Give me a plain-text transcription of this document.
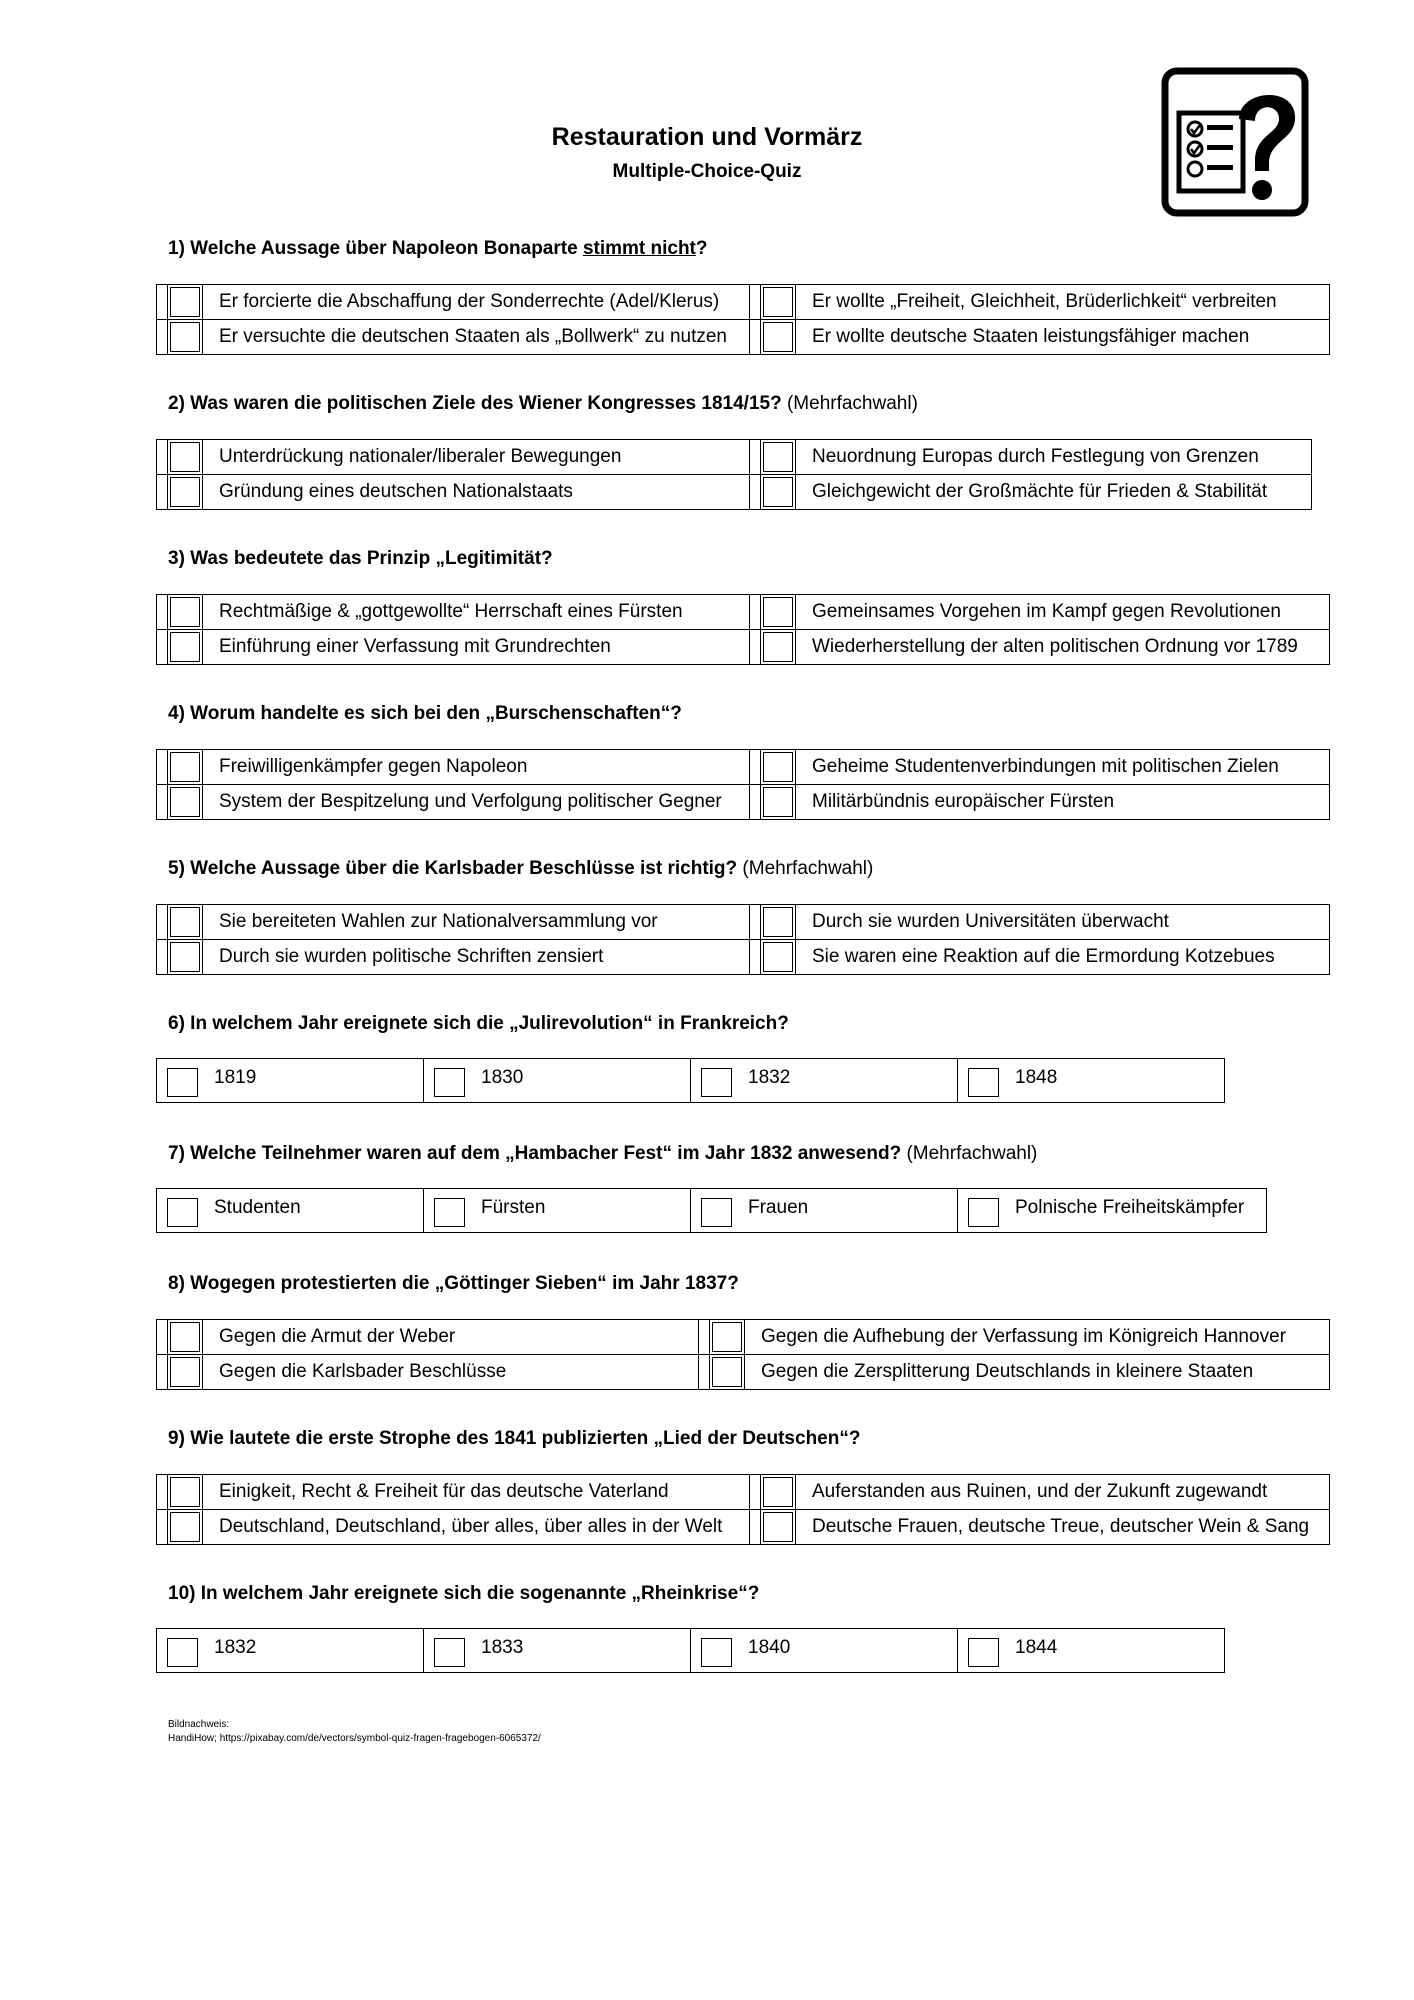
Restauration und Vormärz
Multiple-Choice-Quiz
1) Welche Aussage über Napoleon Bonaparte stimmt nicht?

	Er forcierte die Abschaffung der Sonderrechte (Adel/Klerus)			Er wollte „Freiheit, Gleichheit, Brüderlichkeit“ verbreiten

	Er versuchte die deutschen Staaten als „Bollwerk“ zu nutzen			Er wollte deutsche Staaten leistungsfähiger machen
2) Was waren die politischen Ziele des Wiener Kongresses 1814/15? (Mehrfachwahl)

	Unterdrückung nationaler/liberaler Bewegungen			Neuordnung Europas durch Festlegung von Grenzen

	Gründung eines deutschen Nationalstaats			Gleichgewicht der Großmächte für Frieden & Stabilität
3) Was bedeutete das Prinzip „Legitimität?

	Rechtmäßige & „gottgewollte“ Herrschaft eines Fürsten			Gemeinsames Vorgehen im Kampf gegen Revolutionen

	Einführung einer Verfassung mit Grundrechten			Wiederherstellung der alten politischen Ordnung vor 1789
4) Worum handelte es sich bei den „Burschenschaften“?

	Freiwilligenkämpfer gegen Napoleon			Geheime Studentenverbindungen mit politischen Zielen

	System der Bespitzelung und Verfolgung politischer Gegner			Militärbündnis europäischer Fürsten
5) Welche Aussage über die Karlsbader Beschlüsse ist richtig? (Mehrfachwahl)

	Sie bereiteten Wahlen zur Nationalversammlung vor			Durch sie wurden Universitäten überwacht

	Durch sie wurden politische Schriften zensiert			Sie waren eine Reaktion auf die Ermordung Kotzebues
6) In welchem Jahr ereignete sich die „Julirevolution“ in Frankreich?
1819	1830	1832	1848
7) Welche Teilnehmer waren auf dem „Hambacher Fest“ im Jahr 1832 anwesend? (Mehrfachwahl)
Studenten	Fürsten	Frauen	Polnische Freiheitskämpfer
8) Wogegen protestierten die „Göttinger Sieben“ im Jahr 1837?

	Gegen die Armut der Weber			Gegen die Aufhebung der Verfassung im Königreich Hannover

	Gegen die Karlsbader Beschlüsse			Gegen die Zersplitterung Deutschlands in kleinere Staaten
9) Wie lautete die erste Strophe des 1841 publizierten „Lied der Deutschen“?

	Einigkeit, Recht & Freiheit für das deutsche Vaterland			Auferstanden aus Ruinen, und der Zukunft zugewandt

	Deutschland, Deutschland, über alles, über alles in der Welt			Deutsche Frauen, deutsche Treue, deutscher Wein & Sang
10) In welchem Jahr ereignete sich die sogenannte „Rheinkrise“?
1832	1833	1840	1844
Bildnachweis:
HandiHow; https://pixabay.com/de/vectors/symbol-quiz-fragen-fragebogen-6065372/
